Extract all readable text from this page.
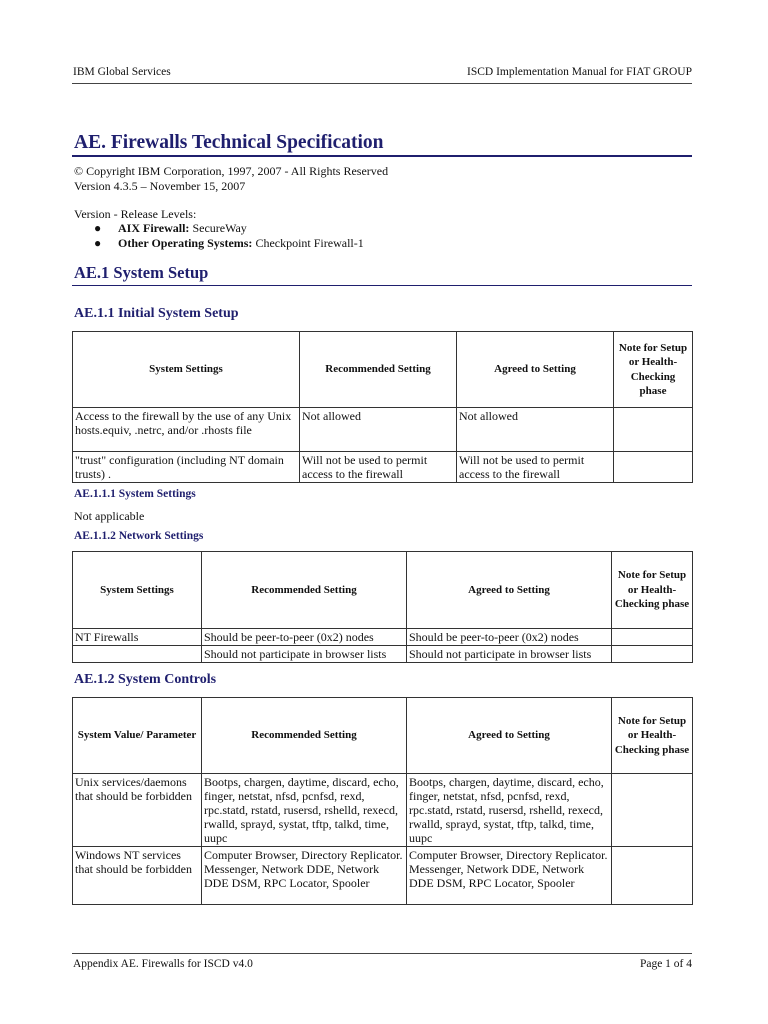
IBM Global Services	ISCD Implementation Manual for FIAT GROUP
AE. Firewalls Technical Specification
© Copyright IBM Corporation, 1997, 2007 - All Rights Reserved
Version 4.3.5 – November 15, 2007
Version - Release Levels:
● AIX Firewall: SecureWay
● Other Operating Systems: Checkpoint Firewall-1
AE.1 System Setup
AE.1.1 Initial System Setup
System Settings	Recommended Setting	Agreed to Setting	Note for Setup or Health-Checking phase
Access to the firewall by the use of any Unix hosts.equiv, .netrc, and/or .rhosts file	Not allowed	Not allowed	
"trust" configuration (including NT domain trusts) .	Will not be used to permit access to the firewall	Will not be used to permit access to the firewall	
AE.1.1.1 System Settings
Not applicable
AE.1.1.2 Network Settings
System Settings	Recommended Setting	Agreed to Setting	Note for Setup or Health-Checking phase
NT Firewalls	Should be peer-to-peer (0x2) nodes	Should be peer-to-peer (0x2) nodes	
	Should not participate in browser lists	Should not participate in browser lists	
AE.1.2 System Controls
System Value/ Parameter	Recommended Setting	Agreed to Setting	Note for Setup or Health-Checking phase
Unix services/daemons that should be forbidden	Bootps, chargen, daytime, discard, echo, finger, netstat, nfsd, pcnfsd, rexd, rpc.statd, rstatd, rusersd, rshelld, rexecd, rwalld, sprayd, systat, tftp, talkd, time, uupc	Bootps, chargen, daytime, discard, echo, finger, netstat, nfsd, pcnfsd, rexd, rpc.statd, rstatd, rusersd, rshelld, rexecd, rwalld, sprayd, systat, tftp, talkd, time, uupc	
Windows NT services that should be forbidden	Computer Browser, Directory Replicator. Messenger, Network DDE, Network DDE DSM, RPC Locator, Spooler	Computer Browser, Directory Replicator. Messenger, Network DDE, Network DDE DSM, RPC Locator, Spooler	
Appendix AE. Firewalls for ISCD v4.0	Page 1 of 4
